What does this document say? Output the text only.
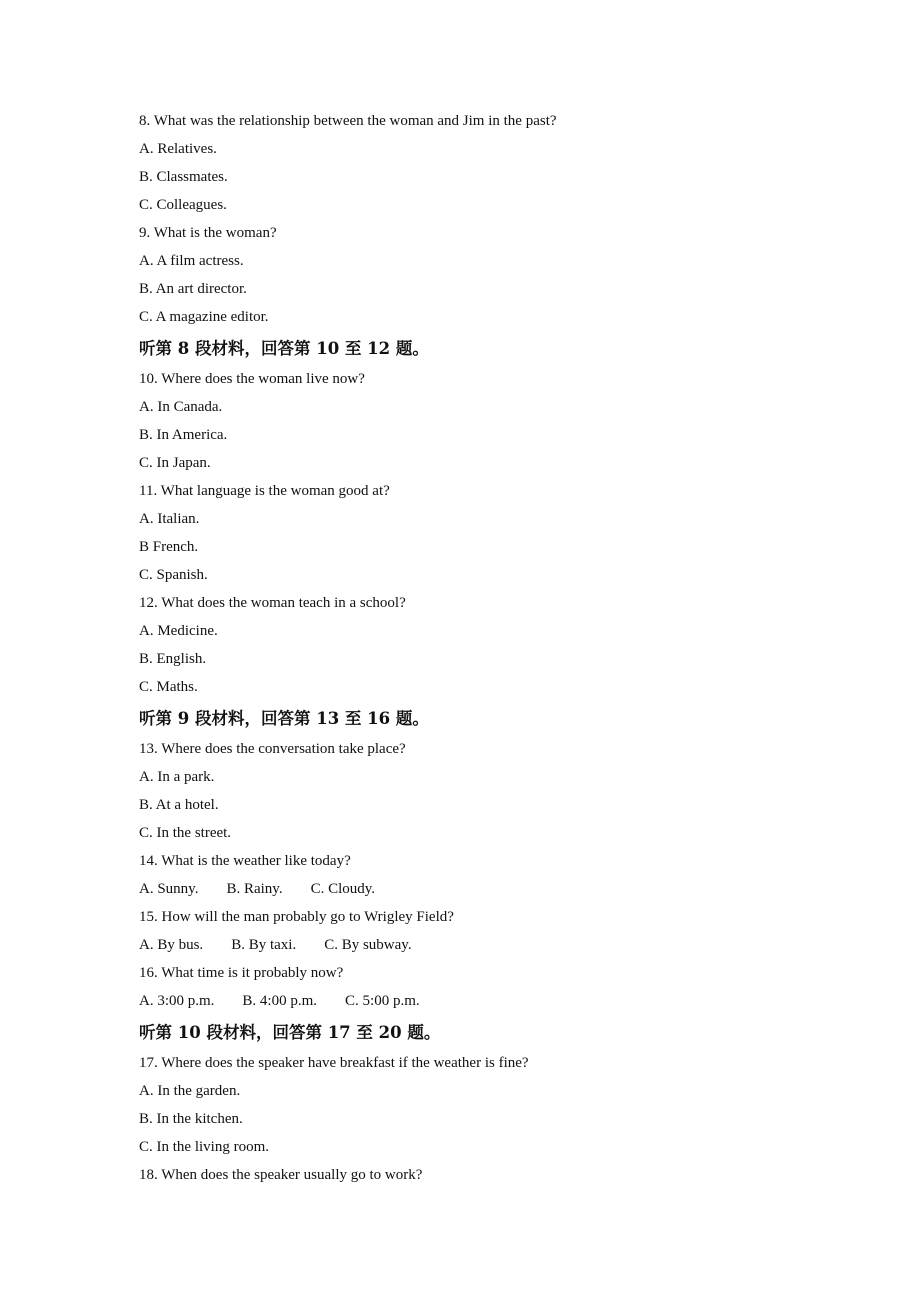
8. What was the relationship between the woman and Jim in the past?
A. Relatives.
B. Classmates.
C. Colleagues.
9. What is the woman?
A. A film actress.
B. An art director.
C. A magazine editor.
听第 8 段材料，回答第 10 至 12 题。
10. Where does the woman live now?
A. In Canada.
B. In America.
C. In Japan.
11. What language is the woman good at?
A. Italian.
B French.
C. Spanish.
12. What does the woman teach in a school?
A. Medicine.
B. English.
C. Maths.
听第 9 段材料，回答第 13 至 16 题。
13. Where does the conversation take place?
A. In a park.
B. At a hotel.
C. In the street.
14. What is the weather like today?
A. Sunny. B. Rainy. C. Cloudy.
15. How will the man probably go to Wrigley Field?
A. By bus. B. By taxi. C. By subway.
16. What time is it probably now?
A. 3:00 p.m. B. 4:00 p.m. C. 5:00 p.m.
听第 10 段材料，回答第 17 至 20 题。
17. Where does the speaker have breakfast if the weather is fine?
A. In the garden.
B. In the kitchen.
C. In the living room.
18. When does the speaker usually go to work?
